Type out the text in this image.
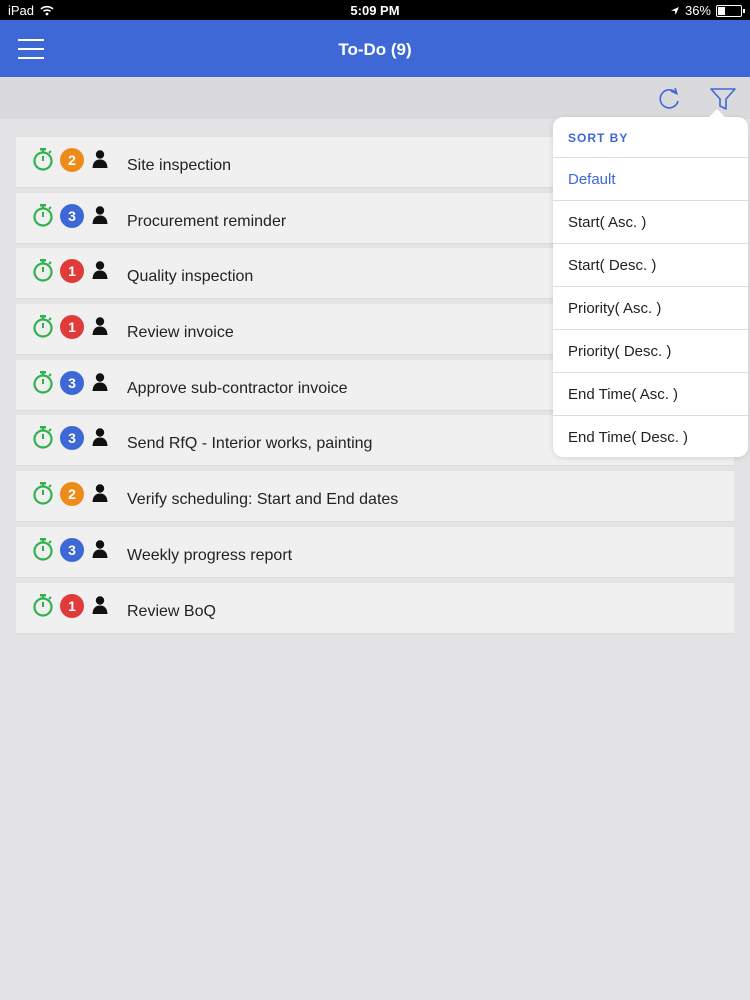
iPad	5:09 PM	36%
To-Do (9)
2	Site inspection
3	Procurement reminder
1	Quality inspection
1	Review invoice
3	Approve sub-contractor invoice
3	Send RfQ - Interior works, painting
2	Verify scheduling: Start and End dates
3	Weekly progress report
1	Review BoQ
SORT BY
Default
Start( Asc. )
Start( Desc. )
Priority( Asc. )
Priority( Desc. )
End Time( Asc. )
End Time( Desc. )
